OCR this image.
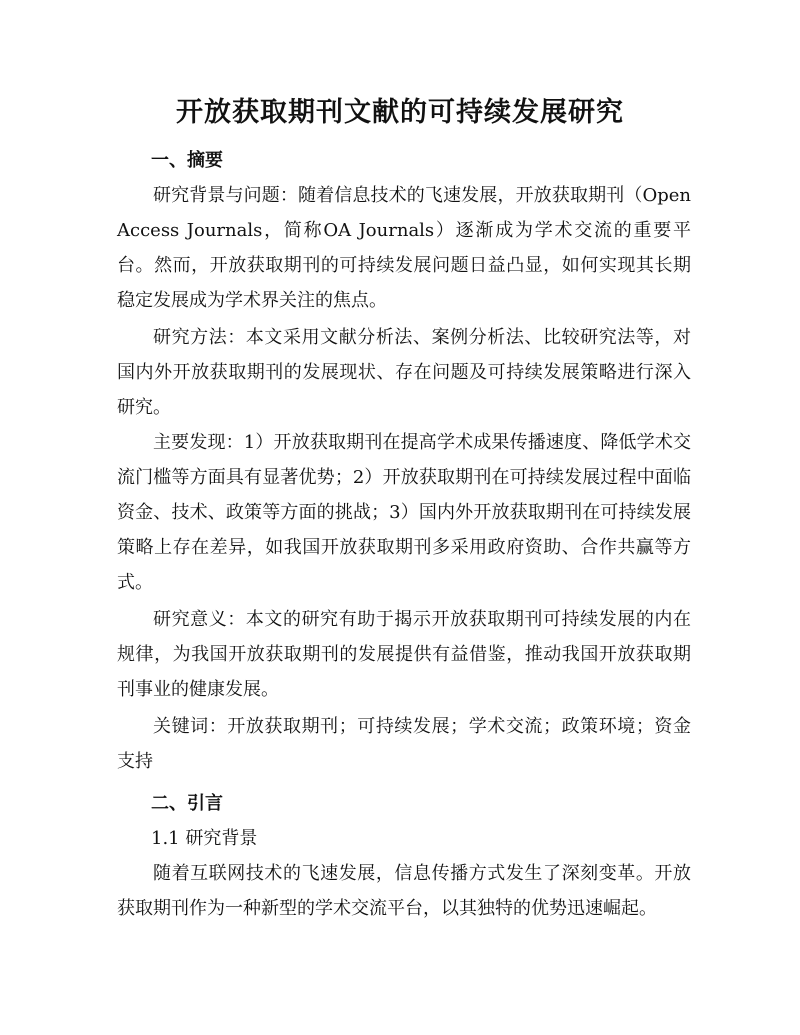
开放获取期刊文献的可持续发展研究
一、摘要
研究背景与问题：随着信息技术的飞速发展，开放获取期刊（Open Access Journals，简称OA Journals）逐渐成为学术交流的重要平台。然而，开放获取期刊的可持续发展问题日益凸显，如何实现其长期稳定发展成为学术界关注的焦点。
研究方法：本文采用文献分析法、案例分析法、比较研究法等，对国内外开放获取期刊的发展现状、存在问题及可持续发展策略进行深入研究。
主要发现：1）开放获取期刊在提高学术成果传播速度、降低学术交流门槛等方面具有显著优势；2）开放获取期刊在可持续发展过程中面临资金、技术、政策等方面的挑战；3）国内外开放获取期刊在可持续发展策略上存在差异，如我国开放获取期刊多采用政府资助、合作共赢等方式。
研究意义：本文的研究有助于揭示开放获取期刊可持续发展的内在规律，为我国开放获取期刊的发展提供有益借鉴，推动我国开放获取期刊事业的健康发展。
关键词：开放获取期刊；可持续发展；学术交流；政策环境；资金支持
二、引言
1.1 研究背景
随着互联网技术的飞速发展，信息传播方式发生了深刻变革。开放获取期刊作为一种新型的学术交流平台，以其独特的优势迅速崛起。
